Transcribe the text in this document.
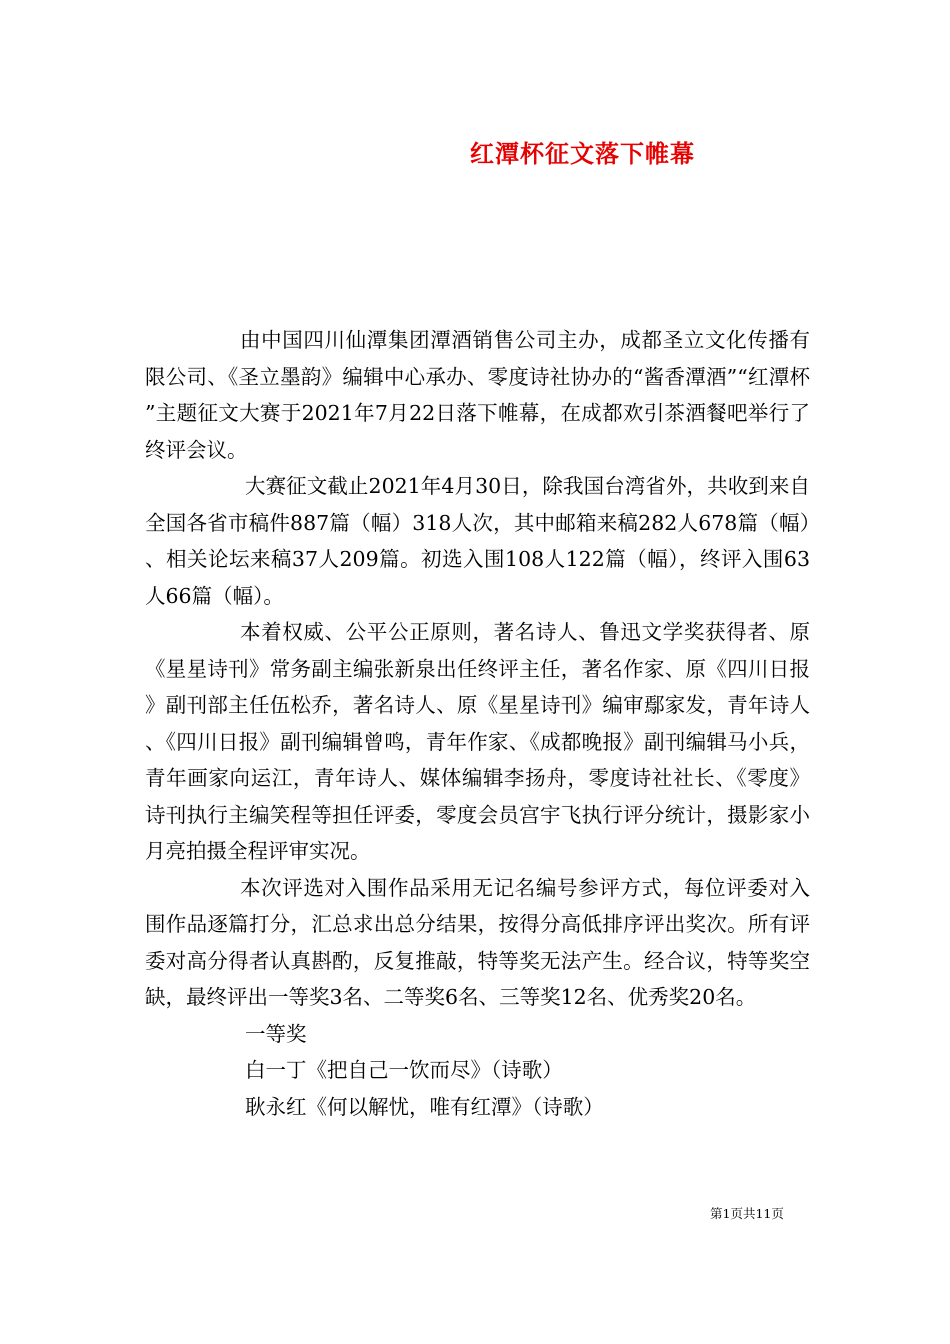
红潭杯征文落下帷幕

由中国四川仙潭集团潭酒销售公司主办，成都圣立文化传播有限公司、《圣立墨韵》编辑中心承办、零度诗社协办的“酱香潭酒”“红潭杯”主题征文大赛于2021年7月22日落下帷幕，在成都欢引茶酒餐吧举行了终评会议。

大赛征文截止2021年4月30日，除我国台湾省外，共收到来自全国各省市稿件887篇（幅）318人次，其中邮箱来稿282人678篇（幅）、相关论坛来稿37人209篇。初选入围108人122篇（幅），终评入围63人66篇（幅）。

本着权威、公平公正原则，著名诗人、鲁迅文学奖获得者、原《星星诗刊》常务副主编张新泉出任终评主任，著名作家、原《四川日报》副刊部主任伍松乔，著名诗人、原《星星诗刊》编审鄢家发，青年诗人、《四川日报》副刊编辑曾鸣，青年作家、《成都晚报》副刊编辑马小兵，青年画家向运江，青年诗人、媒体编辑李扬舟，零度诗社社长、《零度》诗刊执行主编笑程等担任评委，零度会员宫宇飞执行评分统计，摄影家小月亮拍摄全程评审实况。

本次评选对入围作品采用无记名编号参评方式，每位评委对入围作品逐篇打分，汇总求出总分结果，按得分高低排序评出奖次。所有评委对高分得者认真斟酌，反复推敲，特等奖无法产生。经合议，特等奖空缺，最终评出一等奖3名、二等奖6名、三等奖12名、优秀奖20名。

一等奖

白一丁《把自己一饮而尽》（诗歌）

耿永红《何以解忧，唯有红潭》（诗歌）

第1页共11页
